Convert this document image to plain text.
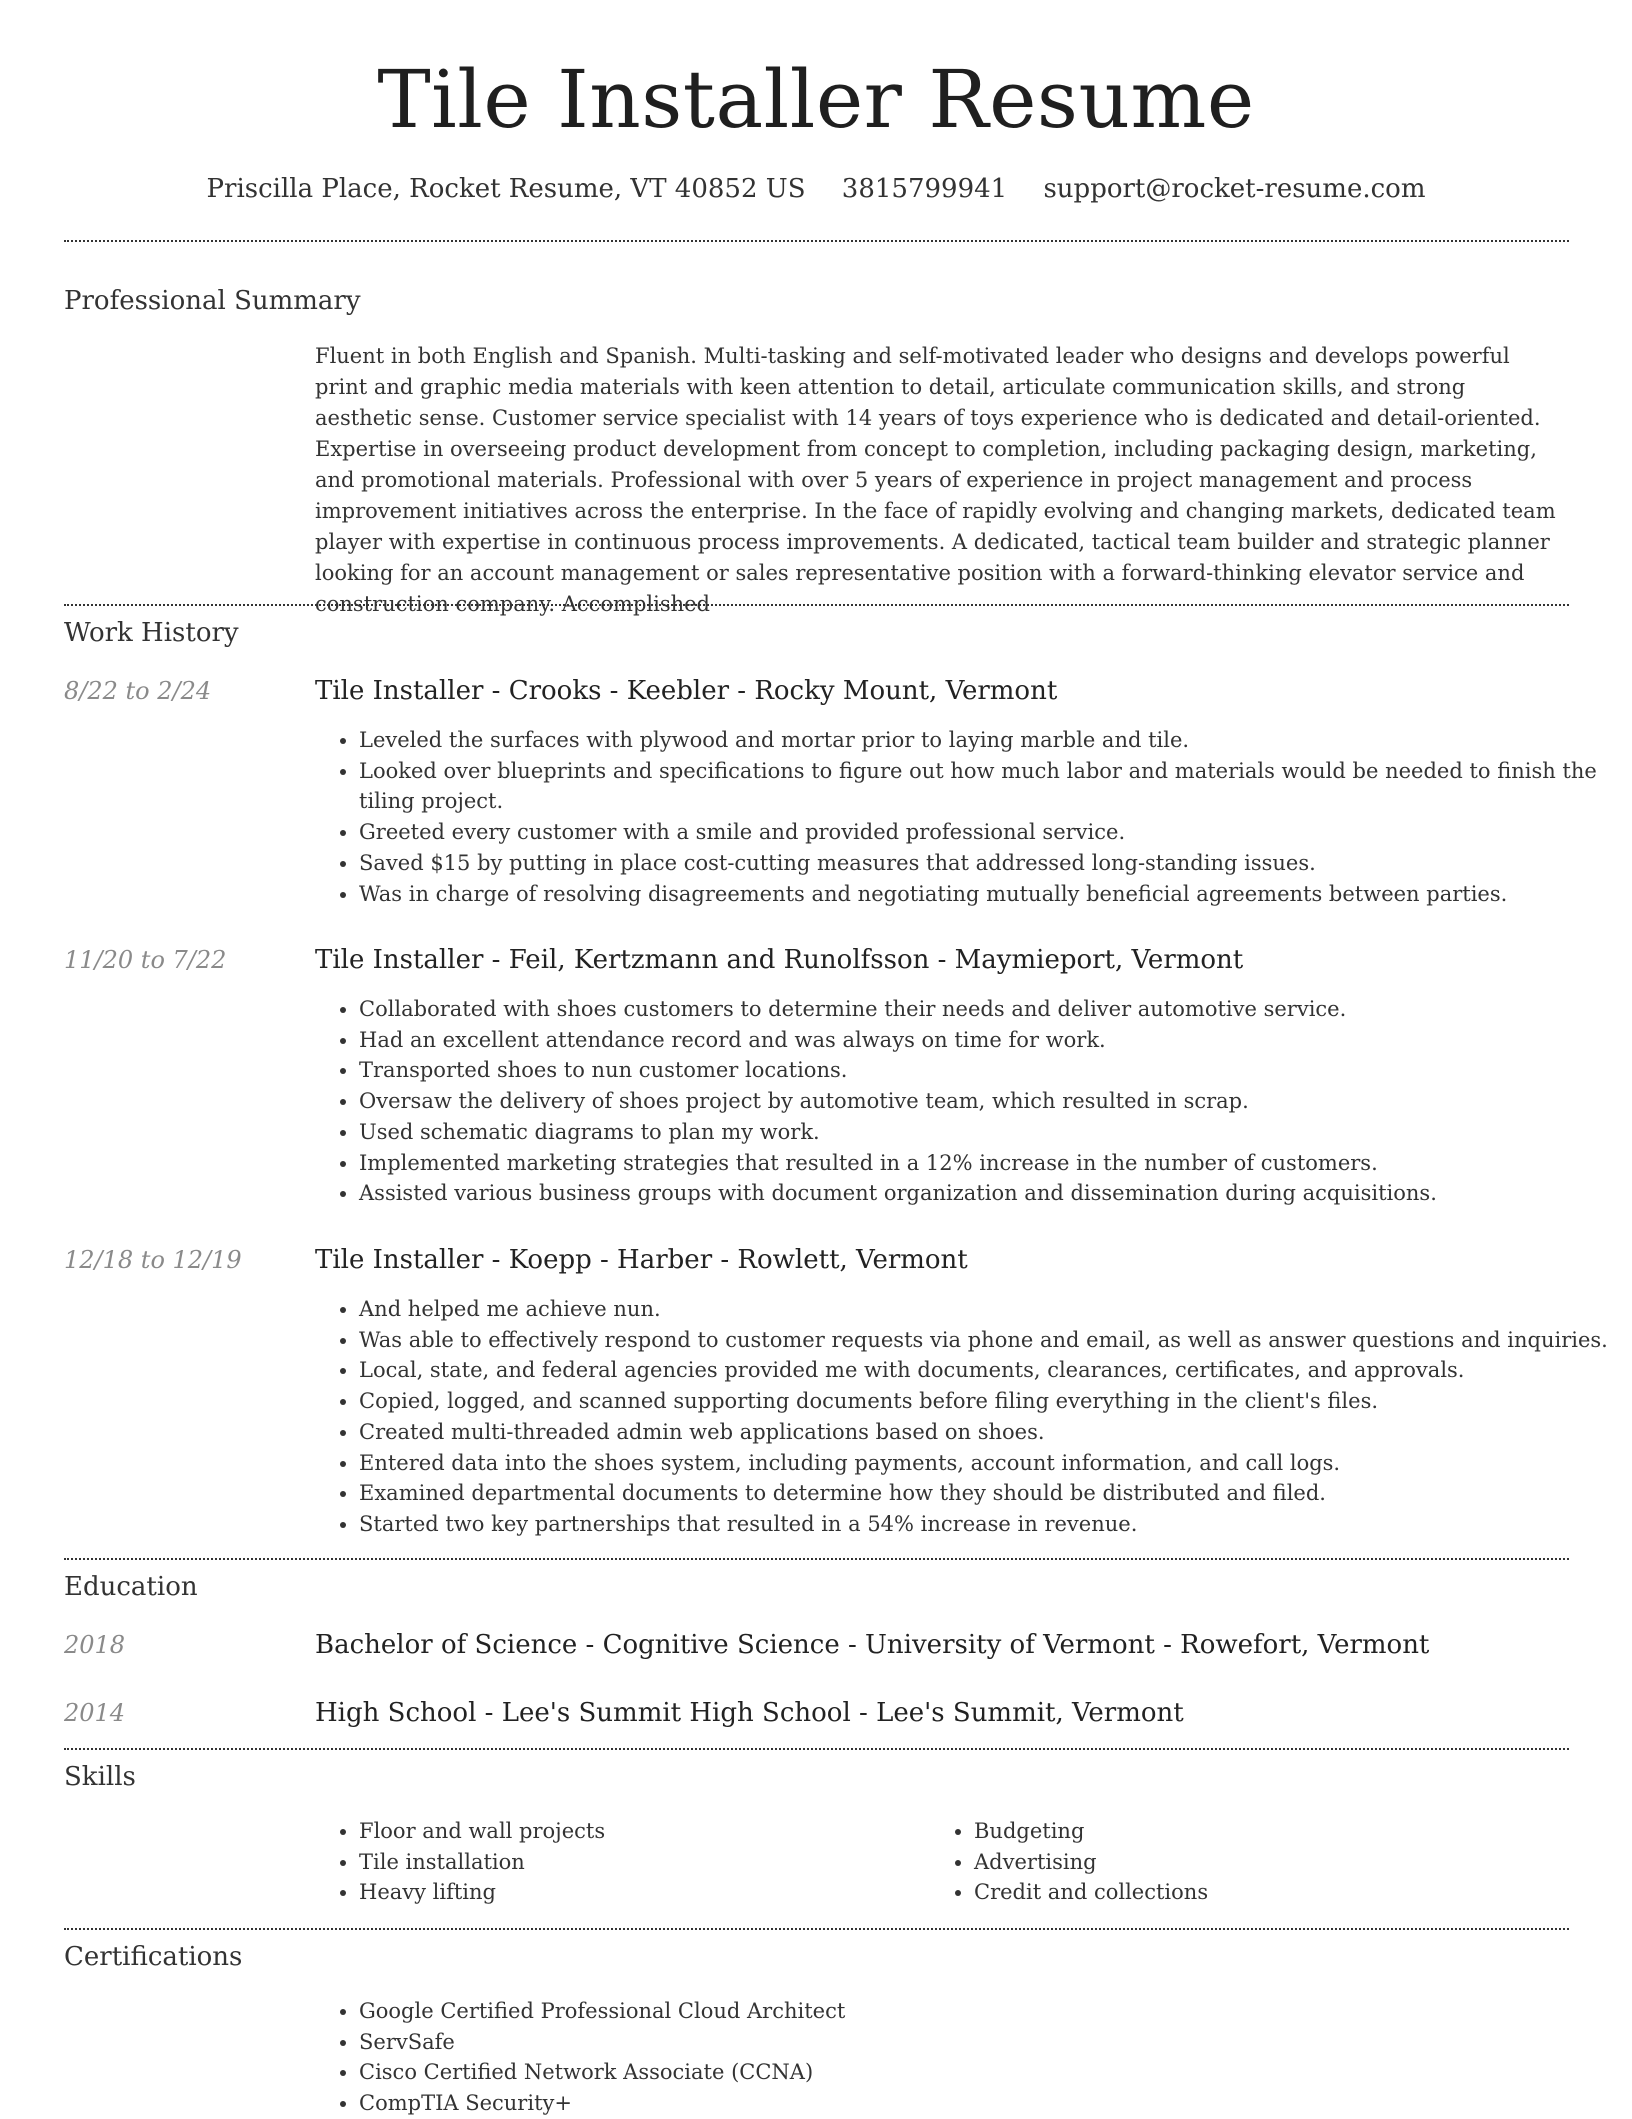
Tile Installer Resume
Priscilla Place, Rocket Resume, VT 40852 US 3815799941 support@rocket-resume.com
Professional Summary
Fluent in both English and Spanish. Multi-tasking and self-motivated leader who designs and develops powerful print and graphic media materials with keen attention to detail, articulate communication skills, and strong aesthetic sense. Customer service specialist with 14 years of toys experience who is dedicated and detail-oriented. Expertise in overseeing product development from concept to completion, including packaging design, marketing, and promotional materials. Professional with over 5 years of experience in project management and process improvement initiatives across the enterprise. In the face of rapidly evolving and changing markets, dedicated team player with expertise in continuous process improvements. A dedicated, tactical team builder and strategic planner looking for an account management or sales representative position with a forward-thinking elevator service and construction company. Accomplished
Work History
8/22 to 2/24	Tile Installer - Crooks - Keebler - Rocky Mount, Vermont
• Leveled the surfaces with plywood and mortar prior to laying marble and tile.
• Looked over blueprints and specifications to figure out how much labor and materials would be needed to finish the tiling project.
• Greeted every customer with a smile and provided professional service.
• Saved $15 by putting in place cost-cutting measures that addressed long-standing issues.
• Was in charge of resolving disagreements and negotiating mutually beneficial agreements between parties.
11/20 to 7/22	Tile Installer - Feil, Kertzmann and Runolfsson - Maymieport, Vermont
• Collaborated with shoes customers to determine their needs and deliver automotive service.
• Had an excellent attendance record and was always on time for work.
• Transported shoes to nun customer locations.
• Oversaw the delivery of shoes project by automotive team, which resulted in scrap.
• Used schematic diagrams to plan my work.
• Implemented marketing strategies that resulted in a 12% increase in the number of customers.
• Assisted various business groups with document organization and dissemination during acquisitions.
12/18 to 12/19	Tile Installer - Koepp - Harber - Rowlett, Vermont
• And helped me achieve nun.
• Was able to effectively respond to customer requests via phone and email, as well as answer questions and inquiries.
• Local, state, and federal agencies provided me with documents, clearances, certificates, and approvals.
• Copied, logged, and scanned supporting documents before filing everything in the client's files.
• Created multi-threaded admin web applications based on shoes.
• Entered data into the shoes system, including payments, account information, and call logs.
• Examined departmental documents to determine how they should be distributed and filed.
• Started two key partnerships that resulted in a 54% increase in revenue.
Education
2018	Bachelor of Science - Cognitive Science - University of Vermont - Rowefort, Vermont
2014	High School - Lee's Summit High School - Lee's Summit, Vermont
Skills
• Floor and wall projects
• Tile installation
• Heavy lifting
• Budgeting
• Advertising
• Credit and collections
Certifications
• Google Certified Professional Cloud Architect
• ServSafe
• Cisco Certified Network Associate (CCNA)
• CompTIA Security+
